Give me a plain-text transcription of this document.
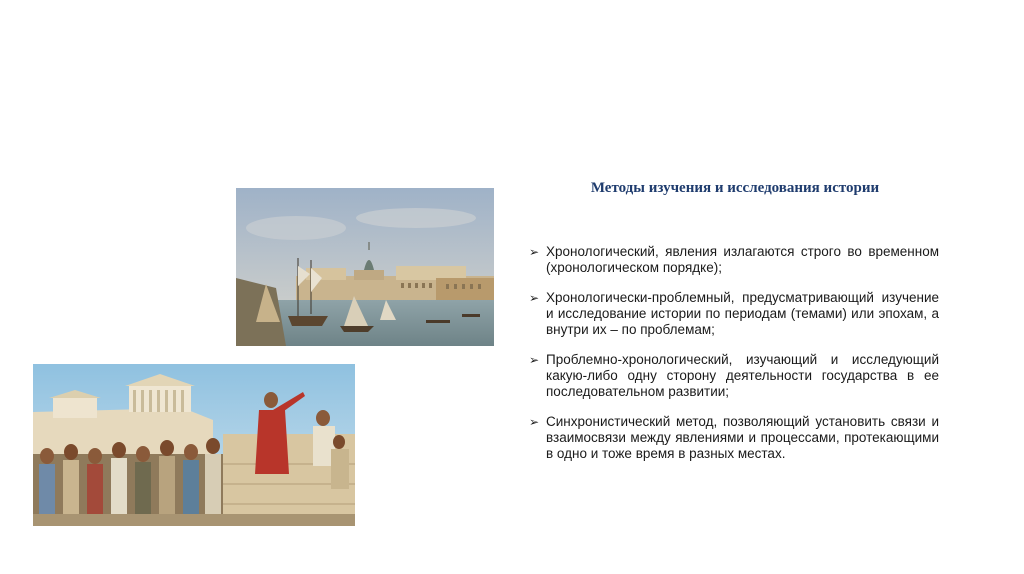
Методы изучения и исследования истории
➢ Хронологический, явления излагаются строго во временном (хронологическом порядке);
➢ Хронологически-проблемный, предусматривающий изучение и исследование истории по периодам (темами) или эпохам, а внутри их – по проблемам;
➢ Проблемно-хронологический, изучающий и исследующий какую-либо одну сторону деятельности государства в ее последовательном развитии;
➢ Синхронистический метод, позволяющий установить связи и взаимосвязи между явлениями и процессами, протекающими в одно и тоже время в разных местах.
